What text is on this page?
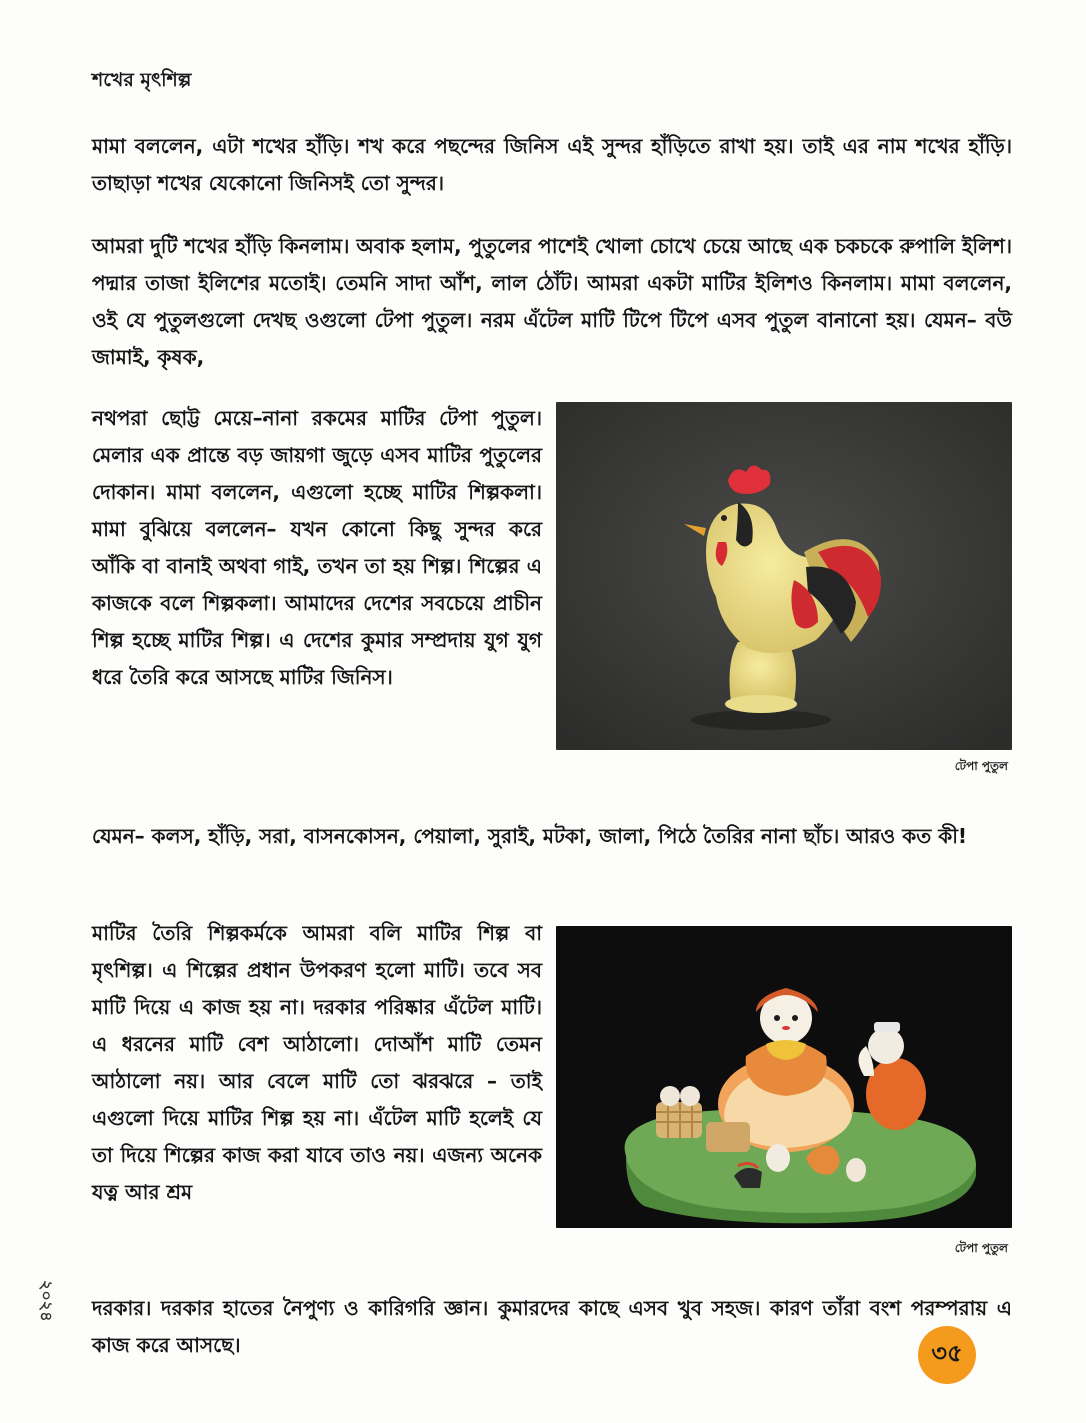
শখের মৃৎশিল্প

মামা বললেন, এটা শখের হাঁড়ি। শখ করে পছন্দের জিনিস এই সুন্দর হাঁড়িতে রাখা হয়। তাই এর নাম শখের হাঁড়ি। তাছাড়া শখের যেকোনো জিনিসই তো সুন্দর।

আমরা দুটি শখের হাঁড়ি কিনলাম। অবাক হলাম, পুতুলের পাশেই খোলা চোখে চেয়ে আছে এক চকচকে রুপালি ইলিশ। পদ্মার তাজা ইলিশের মতোই। তেমনি সাদা আঁশ, লাল ঠোঁট। আমরা একটা মাটির ইলিশও কিনলাম। মামা বললেন, ওই যে পুতুলগুলো দেখছ ওগুলো টেপা পুতুল। নরম এঁটেল মাটি টিপে টিপে এসব পুতুল বানানো হয়। যেমন– বউ জামাই, কৃষক,

নথপরা ছোট্ট মেয়ে–নানা রকমের মাটির টেপা পুতুল। মেলার এক প্রান্তে বড় জায়গা জুড়ে এসব মাটির পুতুলের দোকান। মামা বললেন, এগুলো হচ্ছে মাটির শিল্পকলা। মামা বুঝিয়ে বললেন– যখন কোনো কিছু সুন্দর করে আঁকি বা বানাই অথবা গাই, তখন তা হয় শিল্প। শিল্পের এ কাজকে বলে শিল্পকলা। আমাদের দেশের সবচেয়ে প্রাচীন শিল্প হচ্ছে মাটির শিল্প। এ দেশের কুমার সম্প্রদায় যুগ যুগ ধরে তৈরি করে আসছে মাটির জিনিস।

টেপা পুতুল

যেমন– কলস, হাঁড়ি, সরা, বাসনকোসন, পেয়ালা, সুরাই, মটকা, জালা, পিঠে তৈরির নানা ছাঁচ। আরও কত কী!

মাটির তৈরি শিল্পকর্মকে আমরা বলি মাটির শিল্প বা মৃৎশিল্প। এ শিল্পের প্রধান উপকরণ হলো মাটি। তবে সব মাটি দিয়ে এ কাজ হয় না। দরকার পরিষ্কার এঁটেল মাটি। এ ধরনের মাটি বেশ আঠালো। দোআঁশ মাটি তেমন আঠালো নয়। আর বেলে মাটি তো ঝরঝরে – তাই এগুলো দিয়ে মাটির শিল্প হয় না। এঁটেল মাটি হলেই যে তা দিয়ে শিল্পের কাজ করা যাবে তাও নয়। এজন্য অনেক যত্ন আর শ্রম

টেপা পুতুল

দরকার। দরকার হাতের নৈপুণ্য ও কারিগরি জ্ঞান। কুমারদের কাছে এসব খুব সহজ। কারণ তাঁরা বংশ পরম্পরায় এ কাজ করে আসছে।

২০২৪
৩৫
